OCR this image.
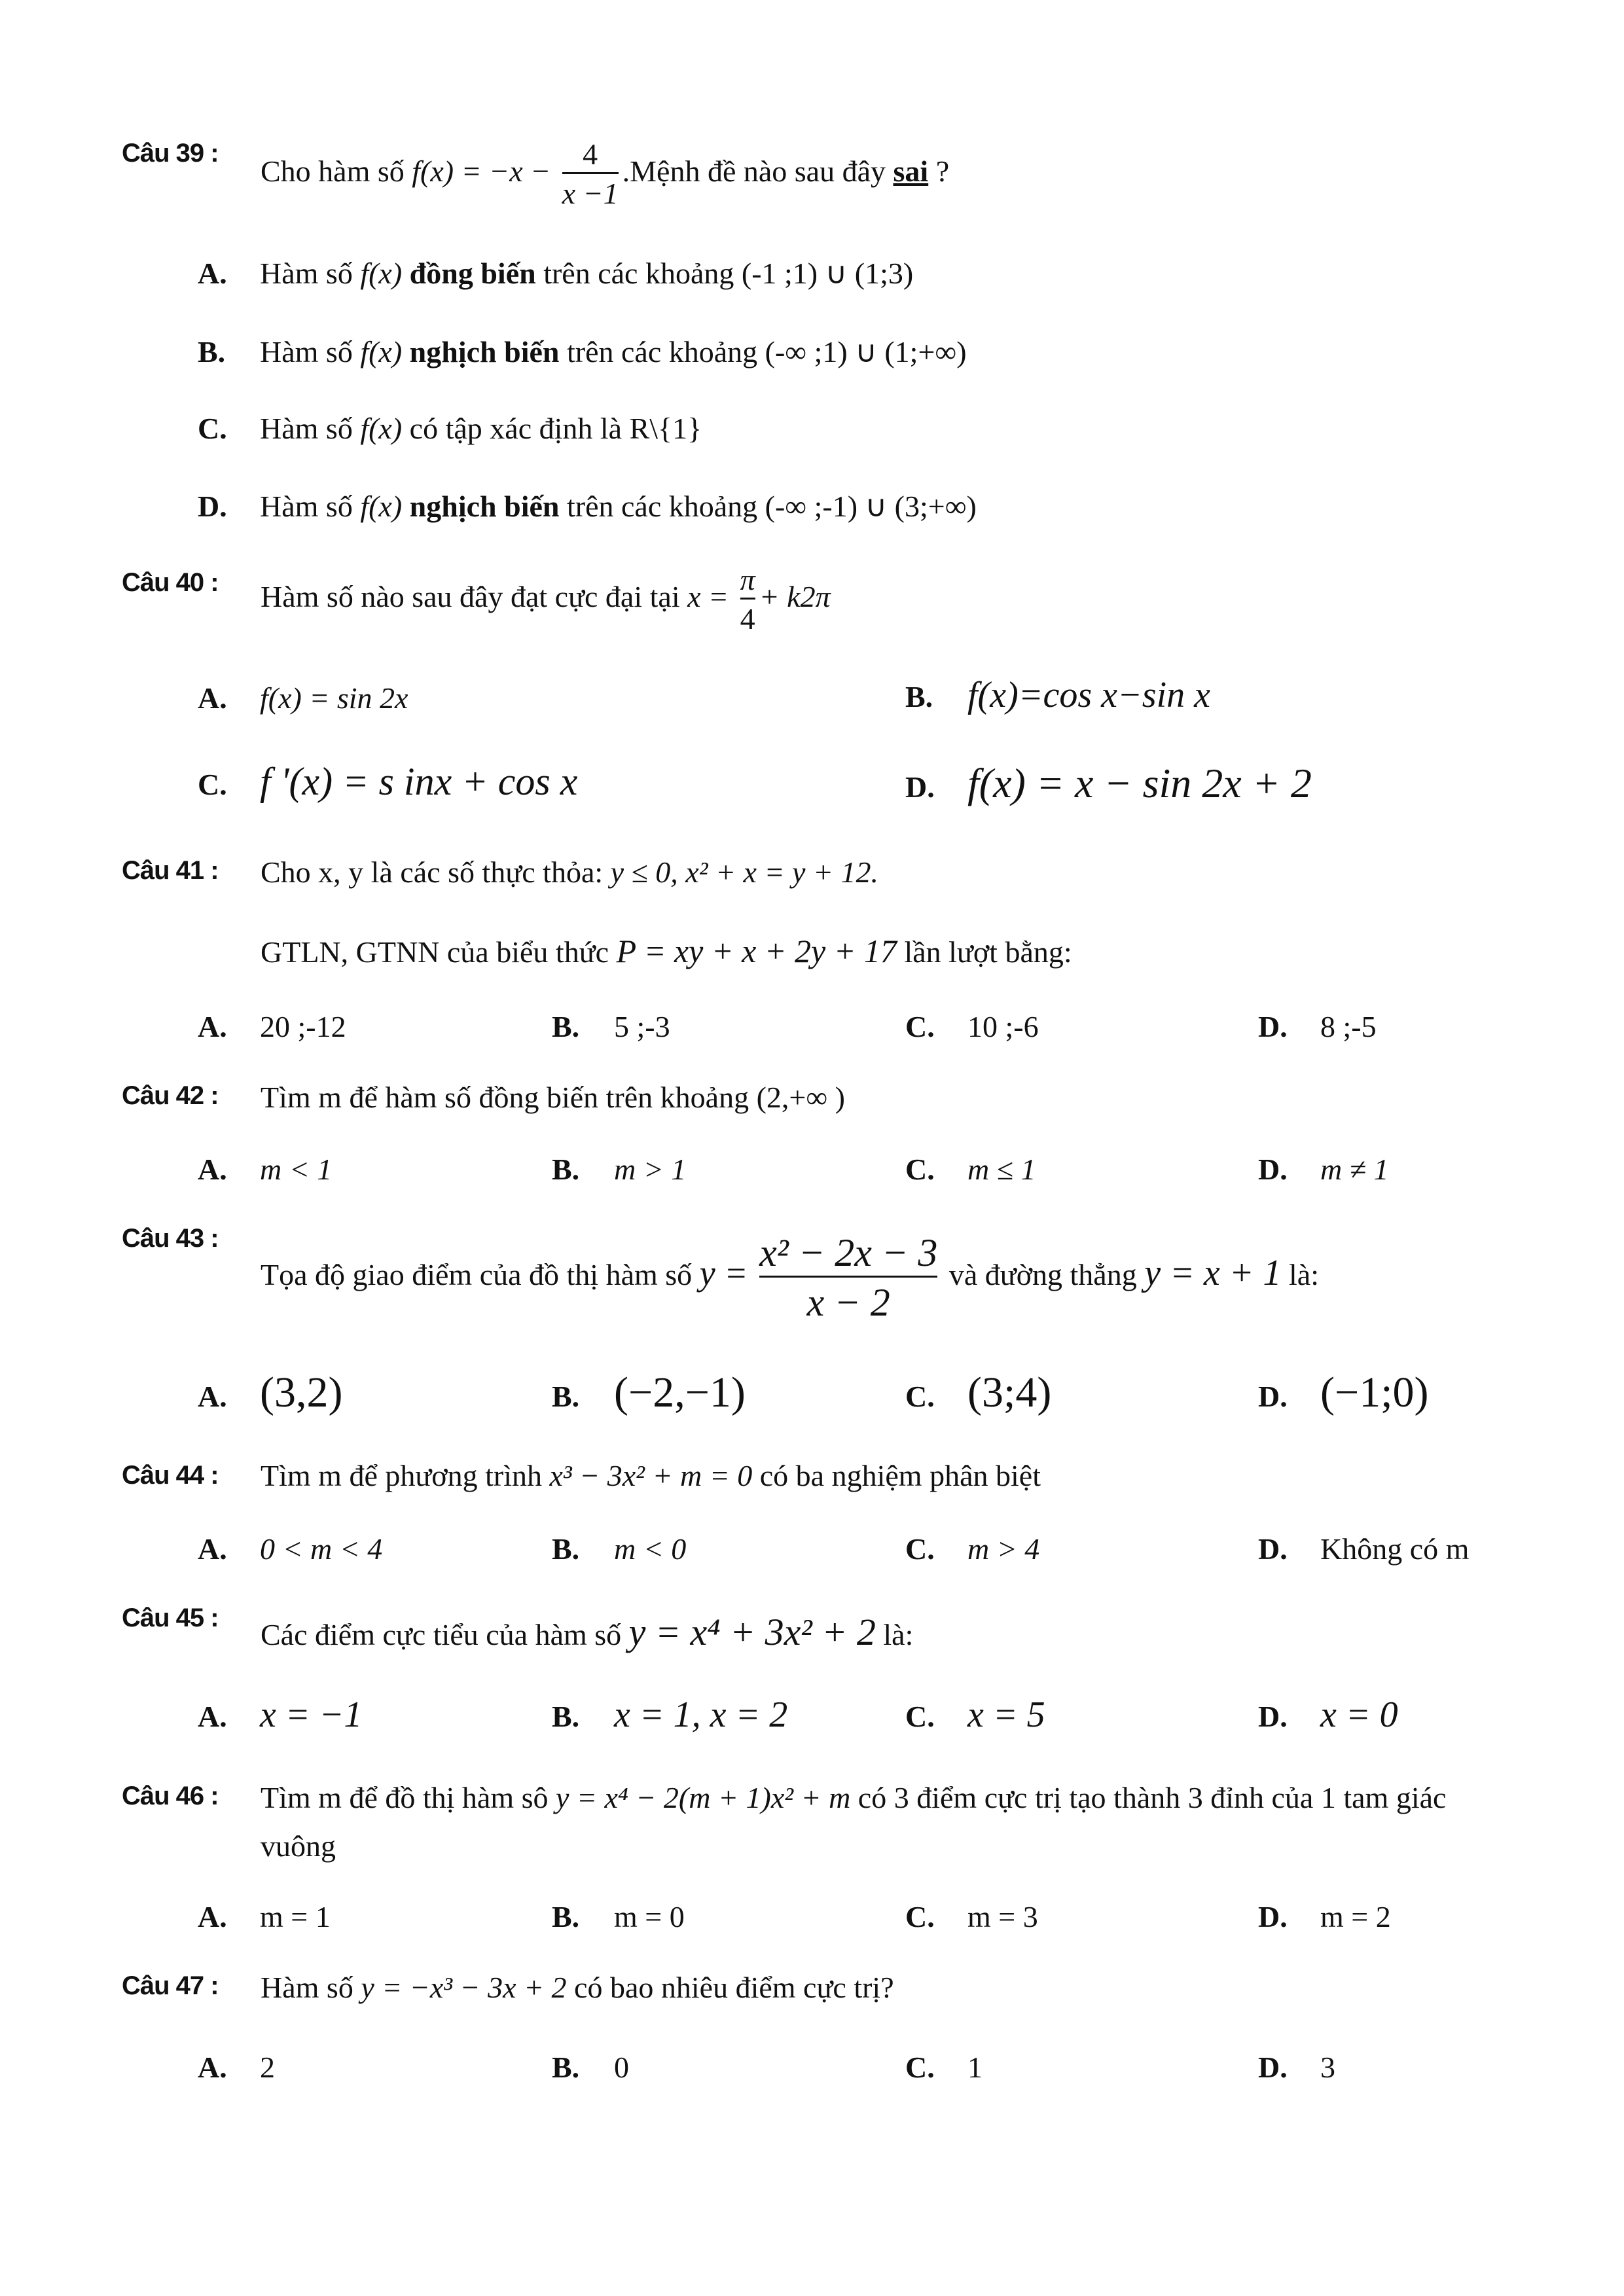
Câu 39 :
Cho hàm số $f(x) = -x - \frac{4}{x -1}$ .Mệnh đề nào sau đây sai ?
A. Hàm số f(x) đồng biến trên các khoảng (-1 ;1) ∪ (1;3)
B. Hàm số f(x) nghịch biến trên các khoảng (-∞ ;1) ∪ (1;+∞)
C. Hàm số f(x) có tập xác định là R\{1}
D. Hàm số f(x) nghịch biến trên các khoảng (-∞ ;-1) ∪ (3;+∞)
Câu 40 : Hàm số nào sau đây đạt cực đại tại $x = \frac{\pi}{4} + k2\pi$
A. f(x) = sin 2x	B. f(x)=cos x−sin x
C. f '(x) = s inx + cos x	D. f(x) = x − sin 2x + 2
Câu 41 : Cho x, y là các số thực thỏa: y ≤ 0, x² + x = y + 12.
GTLN, GTNN của biểu thức P = xy + x + 2y + 17 lần lượt bằng:
A. 20 ;-12	B. 5 ;-3	C. 10 ;-6	D. 8 ;-5
Câu 42 : Tìm m để hàm số đồng biến trên khoảng (2,+∞ )
A. m < 1	B. m > 1	C. m ≤ 1	D. m ≠ 1
Câu 43 :
Tọa độ giao điểm của đồ thị hàm số $y = \frac{\text{x² − 2x − 3}}{x - 2}$ và đường thẳng y = x + 1 là:
A. (3,2)	B. (−2,−1)	C. (3;4)	D. (−1;0)
Câu 44 : Tìm m để phương trình x³ − 3x² + m = 0 có ba nghiệm phân biệt
A. 0 < m < 4	B. m < 0	C. m > 4	D. Không có m
Câu 45 : Các điểm cực tiểu của hàm số y = x⁴ + 3x² + 2 là:
A. x = −1	B. x = 1, x = 2	C. x = 5	D. x = 0
Câu 46 : Tìm m để đồ thị hàm sô y = x⁴ − 2(m + 1)x² + m có 3 điểm cực trị tạo thành 3 đỉnh của 1 tam giác
vuông
A. m = 1	B. m = 0	C. m = 3	D. m = 2
Câu 47 : Hàm số y = −x³ − 3x + 2 có bao nhiêu điểm cực trị?
A. 2	B. 0	C. 1	D. 3
